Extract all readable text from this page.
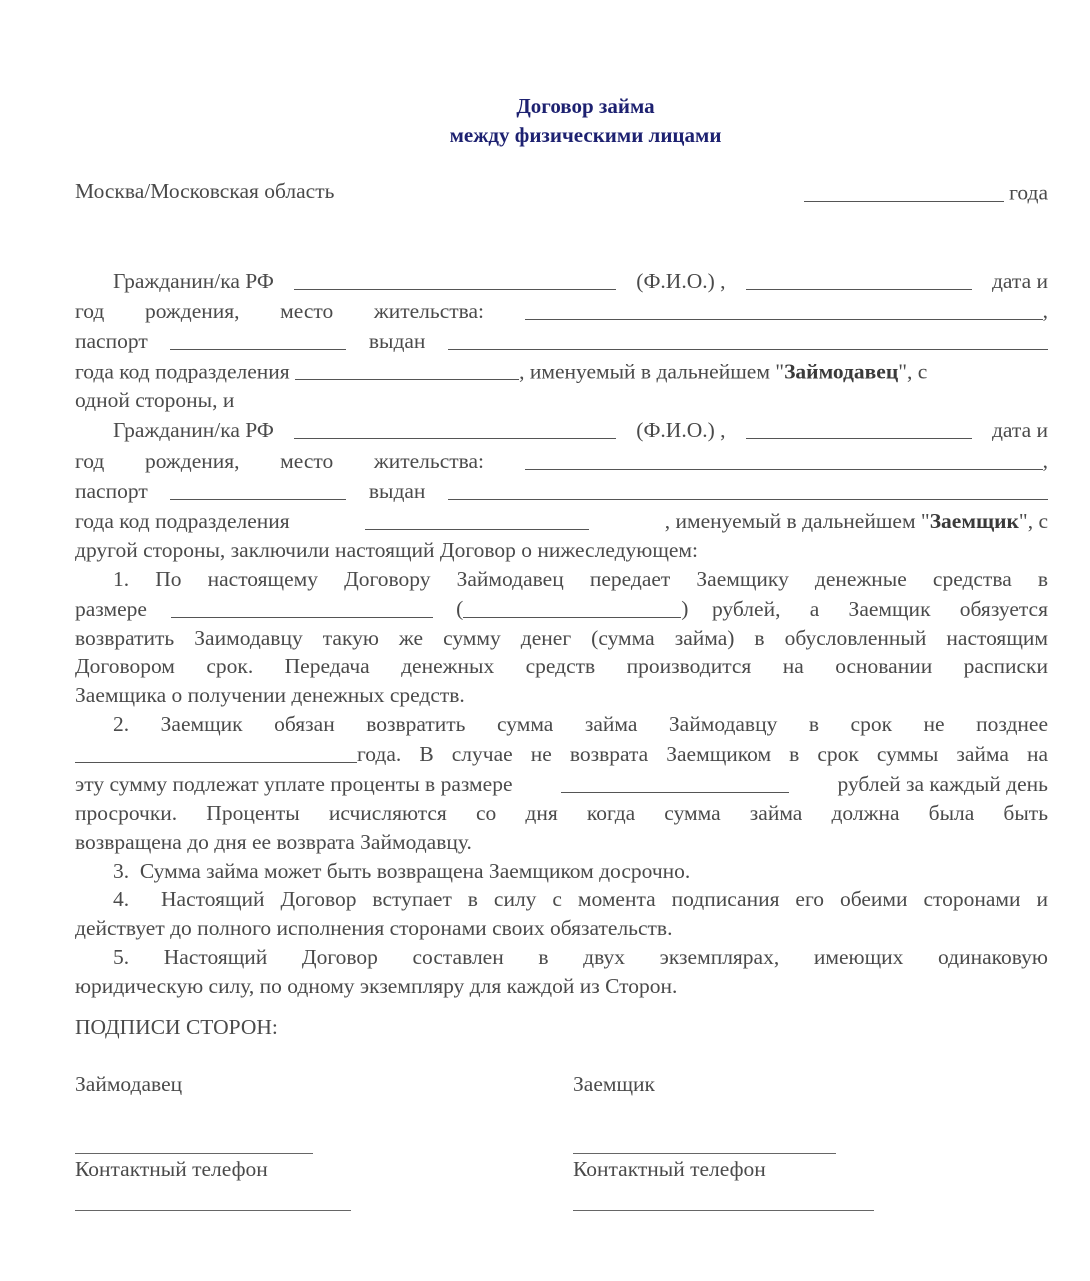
Договор займа
между физическими лицами
Москва/Московская область	года
Гражданин/ка РФ	(Ф.И.О.) ,	дата и
год рождения, место жительства:	,
паспорт	выдан
года код подразделения	, именуемый в дальнейшем "Займодавец", с
одной стороны, и
Гражданин/ка РФ	(Ф.И.О.) ,	дата и
год рождения, место жительства:	,
паспорт	выдан
года код подразделения	, именуемый в дальнейшем "Заемщик", с
другой стороны, заключили настоящий Договор о нижеследующем:
1. По настоящему Договору Займодавец передает Заемщику денежные средства в
размере	(	) рублей, а Заемщик обязуется
возвратить Заимодавцу такую же сумму денег (сумма займа) в обусловленный настоящим
Договором срок. Передача денежных средств производится на основании расписки
Заемщика о получении денежных средств.
2. Заемщик обязан возвратить сумма займа Займодавцу в срок не позднее
года. В случае не возврата Заемщиком в срок суммы займа на
эту сумму подлежат уплате проценты в размере	рублей за каждый день
просрочки. Проценты исчисляются со дня когда сумма займа должна была быть
возвращена до дня ее возврата Займодавцу.
3.  Сумма займа может быть возвращена Заемщиком досрочно.
4.  Настоящий Договор вступает в силу с момента подписания его обеими сторонами и
действует до полного исполнения сторонами своих обязательств.
5. Настоящий Договор составлен в двух экземплярах, имеющих одинаковую
юридическую силу, по одному экземпляру для каждой из Сторон.
ПОДПИСИ СТОРОН:
Займодавец	Заемщик
Контактный телефон	Контактный телефон
